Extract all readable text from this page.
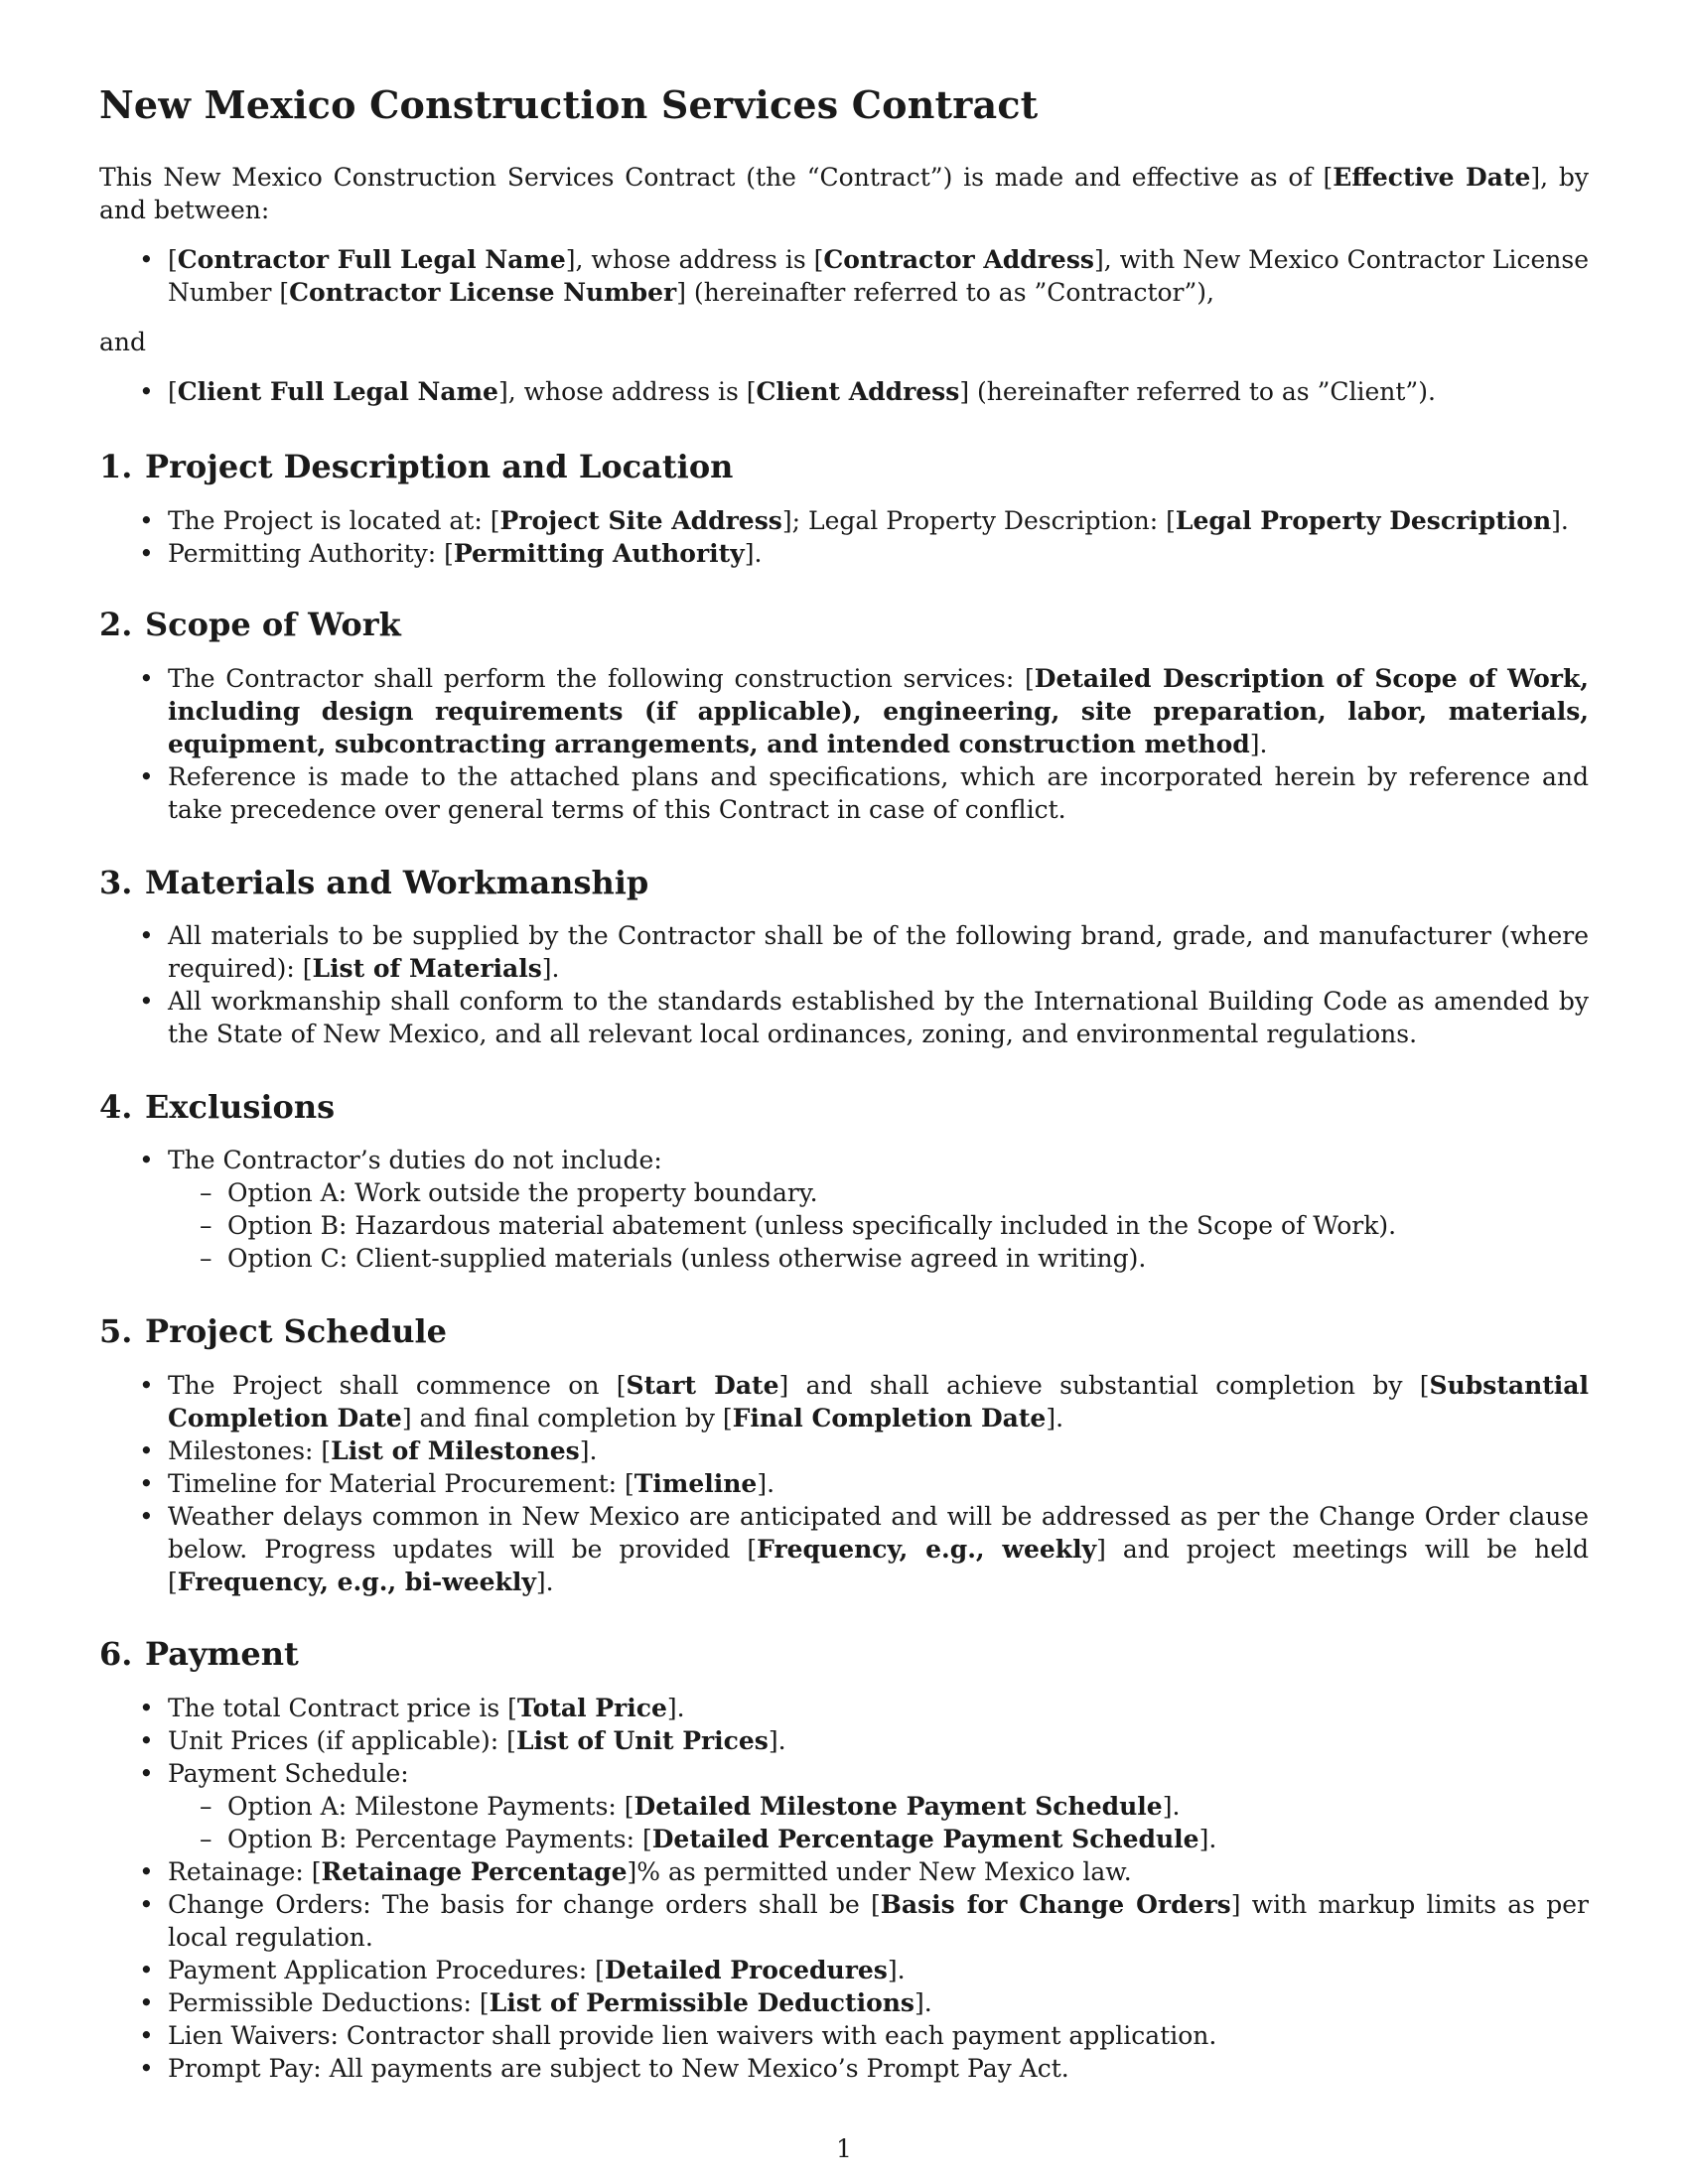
New Mexico Construction Services Contract

This New Mexico Construction Services Contract (the “Contract”) is made and effective as of [Effective Date], by and between:

• [Contractor Full Legal Name], whose address is [Contractor Address], with New Mexico Contractor License Number [Contractor License Number] (hereinafter referred to as ”Contractor”),

and

• [Client Full Legal Name], whose address is [Client Address] (hereinafter referred to as ”Client”).
1. Project Description and Location
• The Project is located at: [Project Site Address]; Legal Property Description: [Legal Property Description].
• Permitting Authority: [Permitting Authority].
2. Scope of Work
• The Contractor shall perform the following construction services: [Detailed Description of Scope of Work, including design requirements (if applicable), engineering, site preparation, labor, materials, equipment, subcontracting arrangements, and intended construction method].
• Reference is made to the attached plans and specifications, which are incorporated herein by reference and take precedence over general terms of this Contract in case of conflict.
3. Materials and Workmanship
• All materials to be supplied by the Contractor shall be of the following brand, grade, and manufacturer (where required): [List of Materials].
• All workmanship shall conform to the standards established by the International Building Code as amended by the State of New Mexico, and all relevant local ordinances, zoning, and environmental regulations.
4. Exclusions
• The Contractor’s duties do not include:
– Option A: Work outside the property boundary.
– Option B: Hazardous material abatement (unless specifically included in the Scope of Work).
– Option C: Client-supplied materials (unless otherwise agreed in writing).
5. Project Schedule
• The Project shall commence on [Start Date] and shall achieve substantial completion by [Substantial Completion Date] and final completion by [Final Completion Date].
• Milestones: [List of Milestones].
• Timeline for Material Procurement: [Timeline].
• Weather delays common in New Mexico are anticipated and will be addressed as per the Change Order clause below. Progress updates will be provided [Frequency, e.g., weekly] and project meetings will be held [Frequency, e.g., bi-weekly].
6. Payment
• The total Contract price is [Total Price].
• Unit Prices (if applicable): [List of Unit Prices].
• Payment Schedule:
– Option A: Milestone Payments: [Detailed Milestone Payment Schedule].
– Option B: Percentage Payments: [Detailed Percentage Payment Schedule].
• Retainage: [Retainage Percentage]% as permitted under New Mexico law.
• Change Orders: The basis for change orders shall be [Basis for Change Orders] with markup limits as per local regulation.
• Payment Application Procedures: [Detailed Procedures].
• Permissible Deductions: [List of Permissible Deductions].
• Lien Waivers: Contractor shall provide lien waivers with each payment application.
• Prompt Pay: All payments are subject to New Mexico’s Prompt Pay Act.
1
